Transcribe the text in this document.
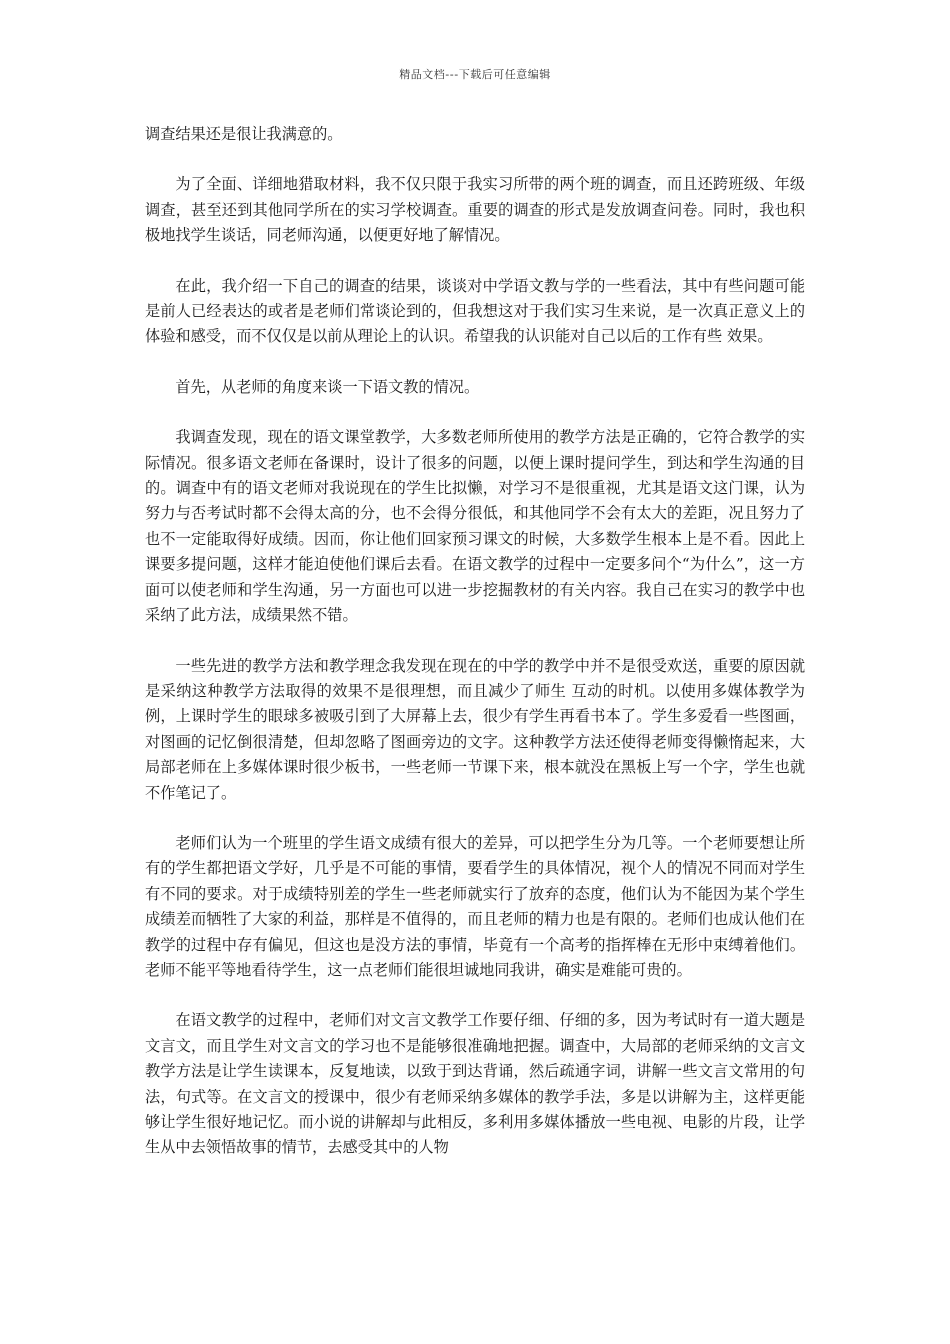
精品文档---下载后可任意编辑

调查结果还是很让我满意的。

为了全面、详细地猎取材料，我不仅只限于我实习所带的两个班的调查，而且还跨班级、年级调查，甚至还到其他同学所在的实习学校调查。重要的调查的形式是发放调查问卷。同时，我也积极地找学生谈话，同老师沟通，以便更好地了解情况。

在此，我介绍一下自己的调查的结果，谈谈对中学语文教与学的一些看法，其中有些问题可能是前人已经表达的或者是老师们常谈论到的，但我想这对于我们实习生来说，是一次真正意义上的体验和感受，而不仅仅是以前从理论上的认识。希望我的认识能对自己以后的工作有些 效果。

首先，从老师的角度来谈一下语文教的情况。

我调查发现，现在的语文课堂教学，大多数老师所使用的教学方法是正确的，它符合教学的实际情况。很多语文老师在备课时，设计了很多的问题，以便上课时提问学生，到达和学生沟通的目的。调查中有的语文老师对我说现在的学生比拟懒，对学习不是很重视，尤其是语文这门课，认为努力与否考试时都不会得太高的分，也不会得分很低，和其他同学不会有太大的差距，况且努力了也不一定能取得好成绩。因而，你让他们回家预习课文的时候，大多数学生根本上是不看。因此上课要多提问题，这样才能迫使他们课后去看。在语文教学的过程中一定要多问个“为什么”，这一方面可以使老师和学生沟通，另一方面也可以进一步挖掘教材的有关内容。我自己在实习的教学中也采纳了此方法，成绩果然不错。

一些先进的教学方法和教学理念我发现在现在的中学的教学中并不是很受欢送，重要的原因就是采纳这种教学方法取得的效果不是很理想，而且减少了师生 互动的时机。以使用多媒体教学为例，上课时学生的眼球多被吸引到了大屏幕上去，很少有学生再看书本了。学生多爱看一些图画，对图画的记忆倒很清楚，但却忽略了图画旁边的文字。这种教学方法还使得老师变得懒惰起来，大局部老师在上多媒体课时很少板书，一些老师一节课下来，根本就没在黑板上写一个字，学生也就不作笔记了。

老师们认为一个班里的学生语文成绩有很大的差异，可以把学生分为几等。一个老师要想让所有的学生都把语文学好，几乎是不可能的事情，要看学生的具体情况，视个人的情况不同而对学生有不同的要求。对于成绩特别差的学生一些老师就实行了放弃的态度，他们认为不能因为某个学生成绩差而牺牲了大家的利益，那样是不值得的，而且老师的精力也是有限的。老师们也成认他们在教学的过程中存有偏见，但这也是没方法的事情，毕竟有一个高考的指挥棒在无形中束缚着他们。老师不能平等地看待学生，这一点老师们能很坦诚地同我讲，确实是难能可贵的。

在语文教学的过程中，老师们对文言文教学工作要仔细、仔细的多，因为考试时有一道大题是文言文，而且学生对文言文的学习也不是能够很准确地把握。调查中，大局部的老师采纳的文言文教学方法是让学生读课本，反复地读，以致于到达背诵，然后疏通字词，讲解一些文言文常用的句法，句式等。在文言文的授课中，很少有老师采纳多媒体的教学手法，多是以讲解为主，这样更能够让学生很好地记忆。而小说的讲解却与此相反，多利用多媒体播放一些电视、电影的片段，让学生从中去领悟故事的情节，去感受其中的人物
